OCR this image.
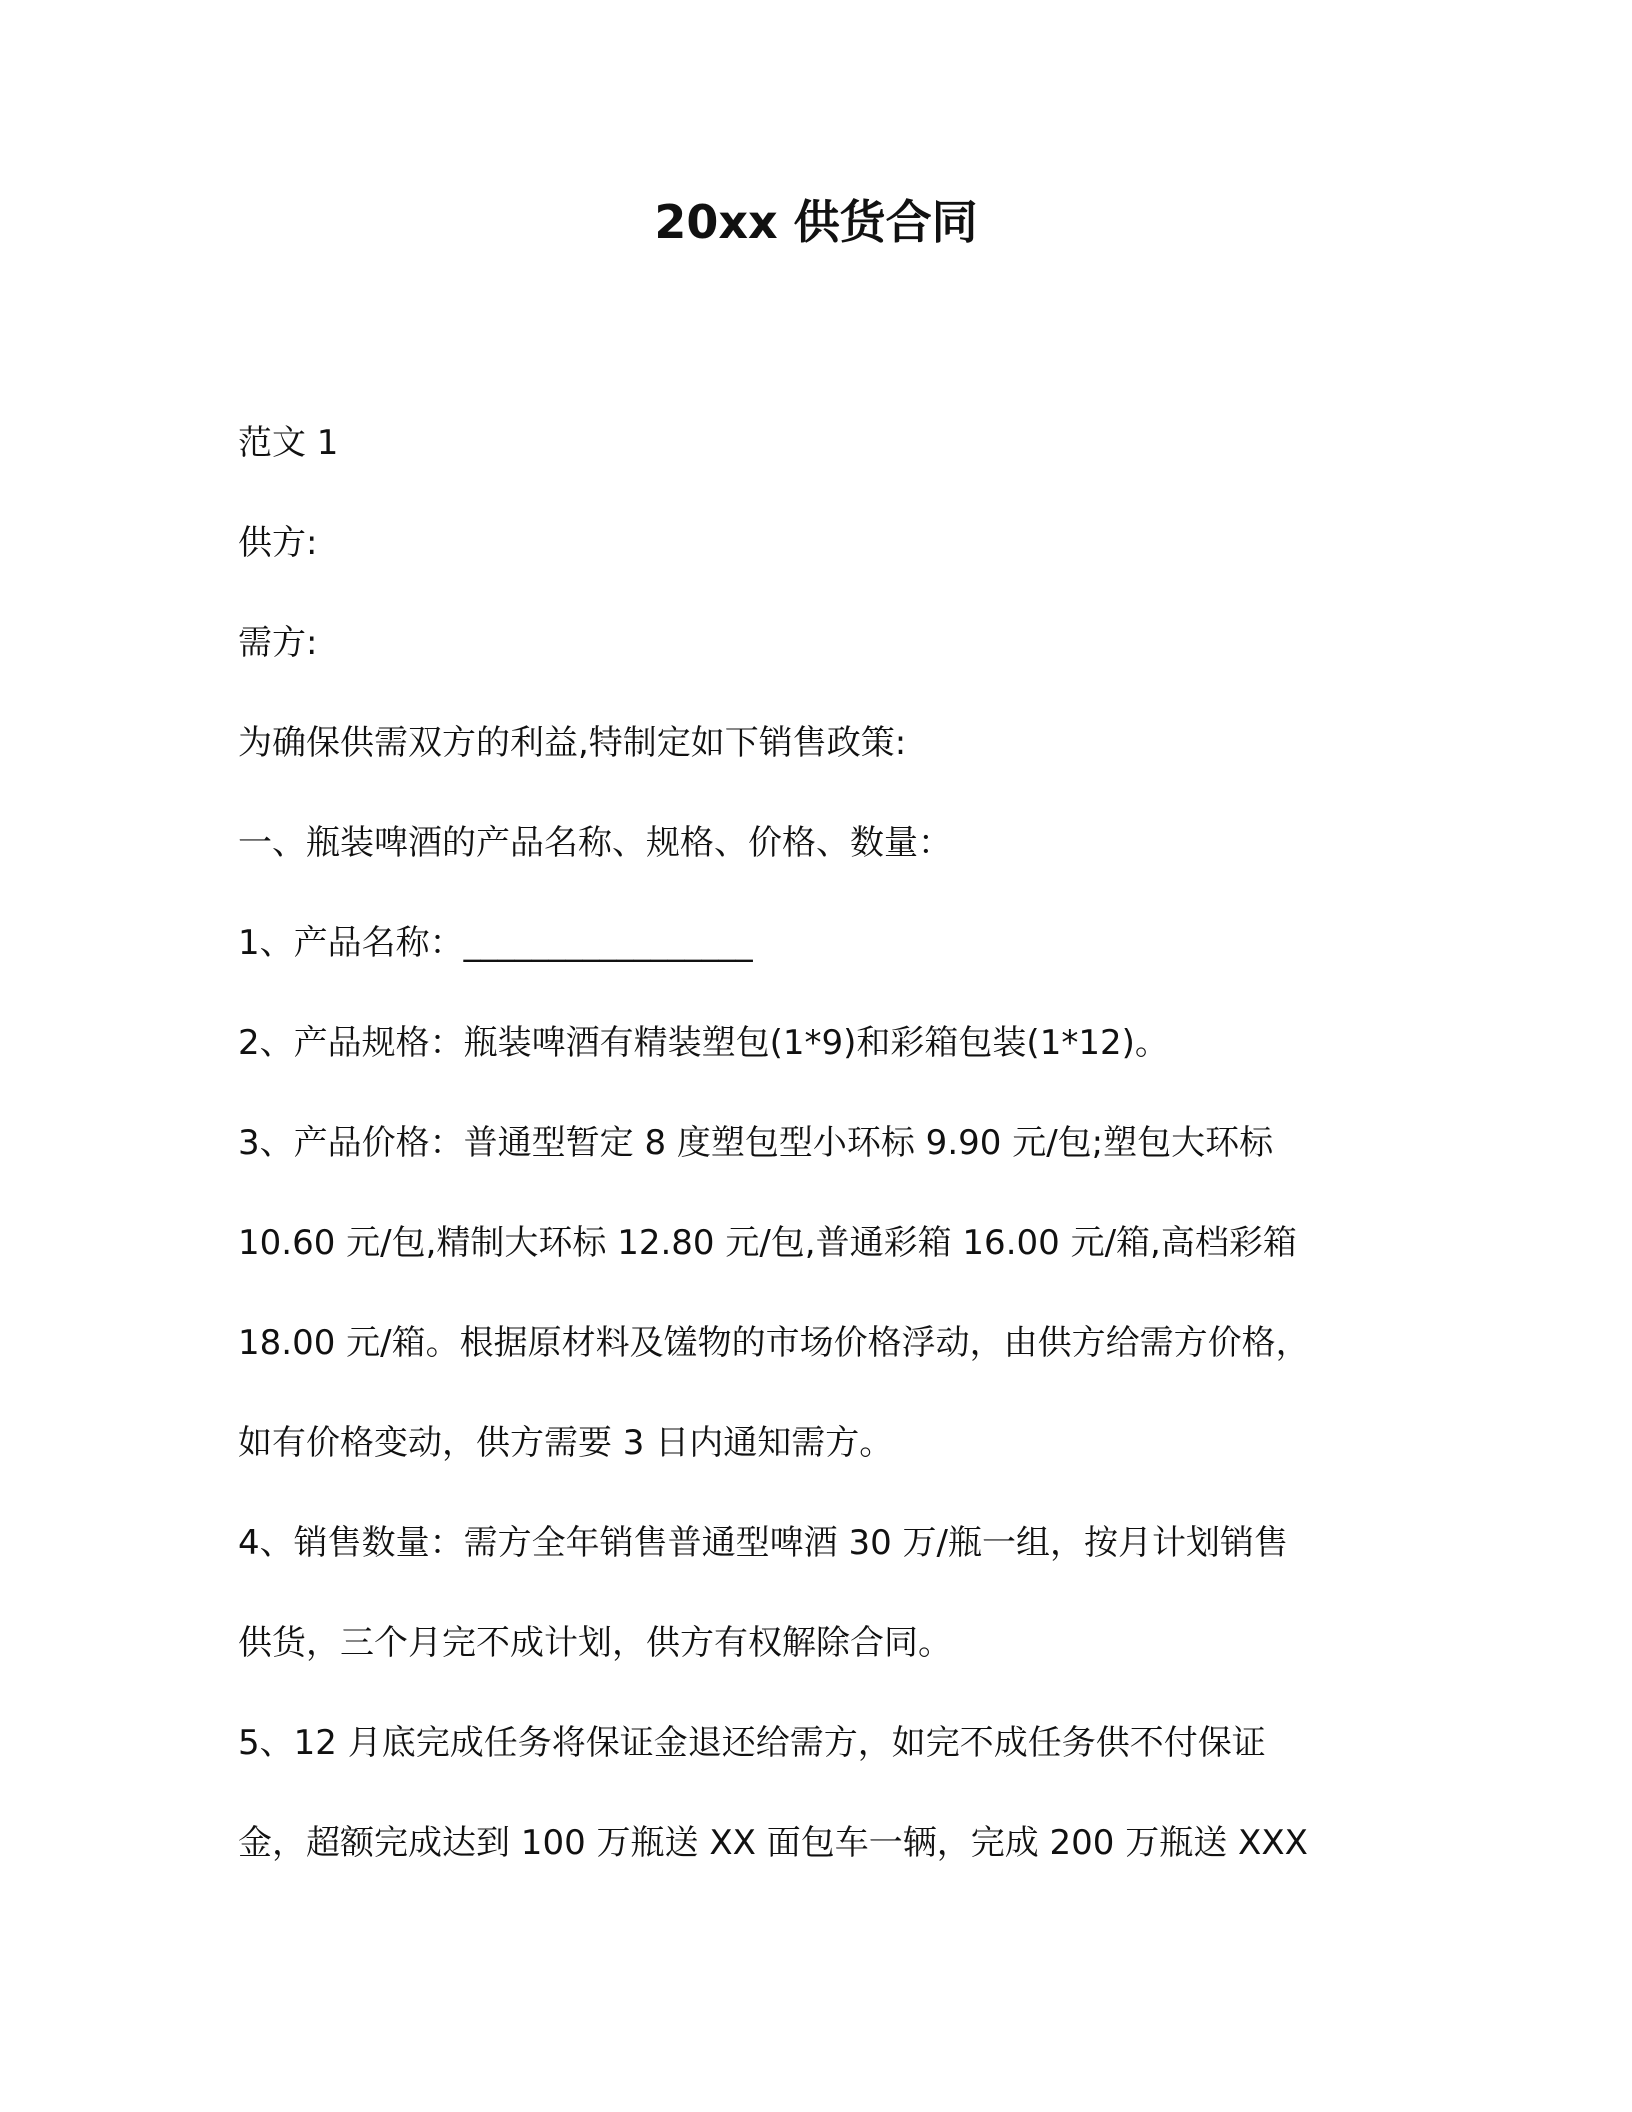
20xx 供货合同

范文 1

供方:

需方:

为确保供需双方的利益,特制定如下销售政策:

一、瓶装啤酒的产品名称、规格、价格、数量：

1、产品名称：_________________

2、产品规格：瓶装啤酒有精装塑包(1*9)和彩箱包装(1*12)。

3、产品价格：普通型暂定 8 度塑包型小环标 9.90 元/包;塑包大环标

10.60 元/包,精制大环标 12.80 元/包,普通彩箱 16.00 元/箱,高档彩箱

18.00 元/箱。根据原材料及馐物的市场价格浮动，由供方给需方价格，

如有价格变动，供方需要 3 日内通知需方。

4、销售数量：需方全年销售普通型啤酒 30 万/瓶一组，按月计划销售

供货，三个月完不成计划，供方有权解除合同。

5、12 月底完成任务将保证金退还给需方，如完不成任务供不付保证

金，超额完成达到 100 万瓶送 XX 面包车一辆，完成 200 万瓶送 XXX
